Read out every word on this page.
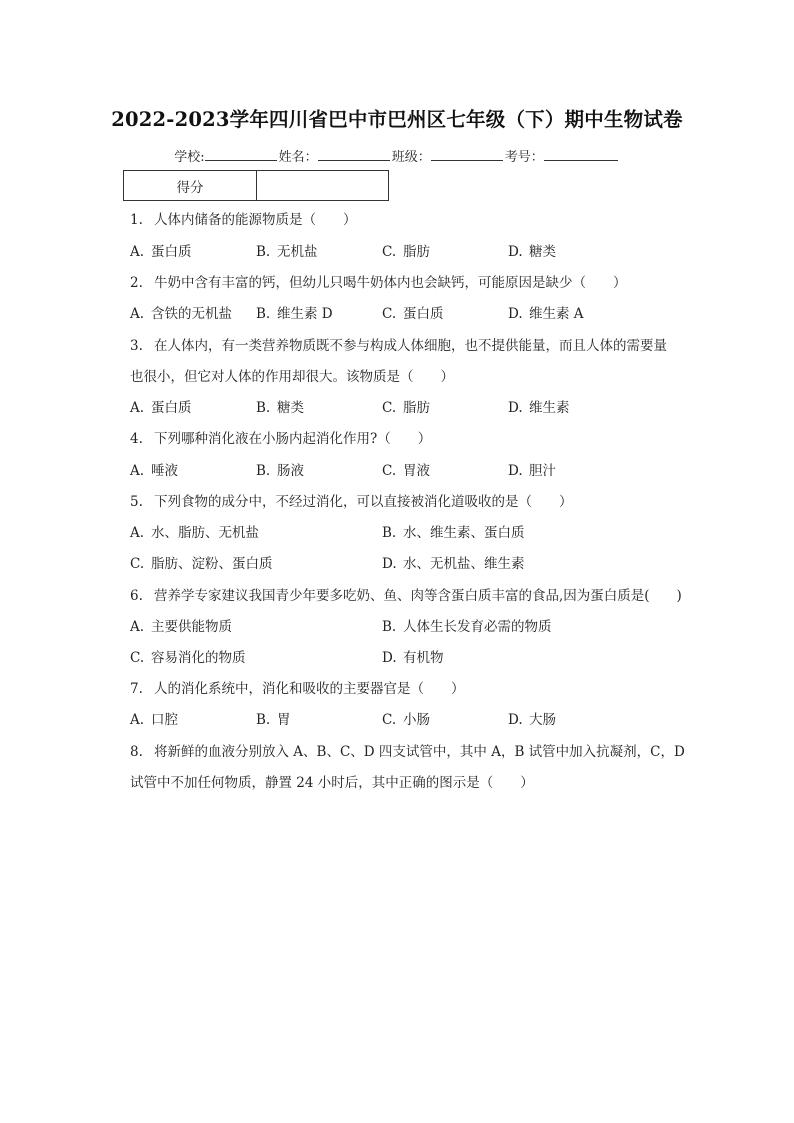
2022-2023学年四川省巴中市巴州区七年级（下）期中生物试卷
学校:	姓名：	班级：	考号：
得分	
1. 人体内储备的能源物质是（　　）
A. 蛋白质	B. 无机盐	C. 脂肪	D. 糖类
2. 牛奶中含有丰富的钙，但幼儿只喝牛奶体内也会缺钙，可能原因是缺少（　　）
A. 含铁的无机盐 B. 维生素 D	C. 蛋白质	D. 维生素 A
3. 在人体内，有一类营养物质既不参与构成人体细胞，也不提供能量，而且人体的需要量
也很小，但它对人体的作用却很大。该物质是（　　）
A. 蛋白质	B. 糖类	C. 脂肪	D. 维生素
4. 下列哪种消化液在小肠内起消化作用?（　　）
A. 唾液	B. 肠液	C. 胃液	D. 胆汁
5. 下列食物的成分中，不经过消化，可以直接被消化道吸收的是（　　）
A. 水、脂肪、无机盐	B. 水、维生素、蛋白质
C. 脂肪、淀粉、蛋白质	D. 水、无机盐、维生素
6. 营养学专家建议我国青少年要多吃奶、鱼、肉等含蛋白质丰富的食品,因为蛋白质是(　　)
A. 主要供能物质	B. 人体生长发育必需的物质
C. 容易消化的物质	D. 有机物
7. 人的消化系统中，消化和吸收的主要器官是（　　）
A. 口腔	B. 胃	C. 小肠	D. 大肠
8. 将新鲜的血液分别放入 A、B、C、D 四支试管中，其中 A，B 试管中加入抗凝剂，C，D
试管中不加任何物质，静置 24 小时后，其中正确的图示是（　　）
